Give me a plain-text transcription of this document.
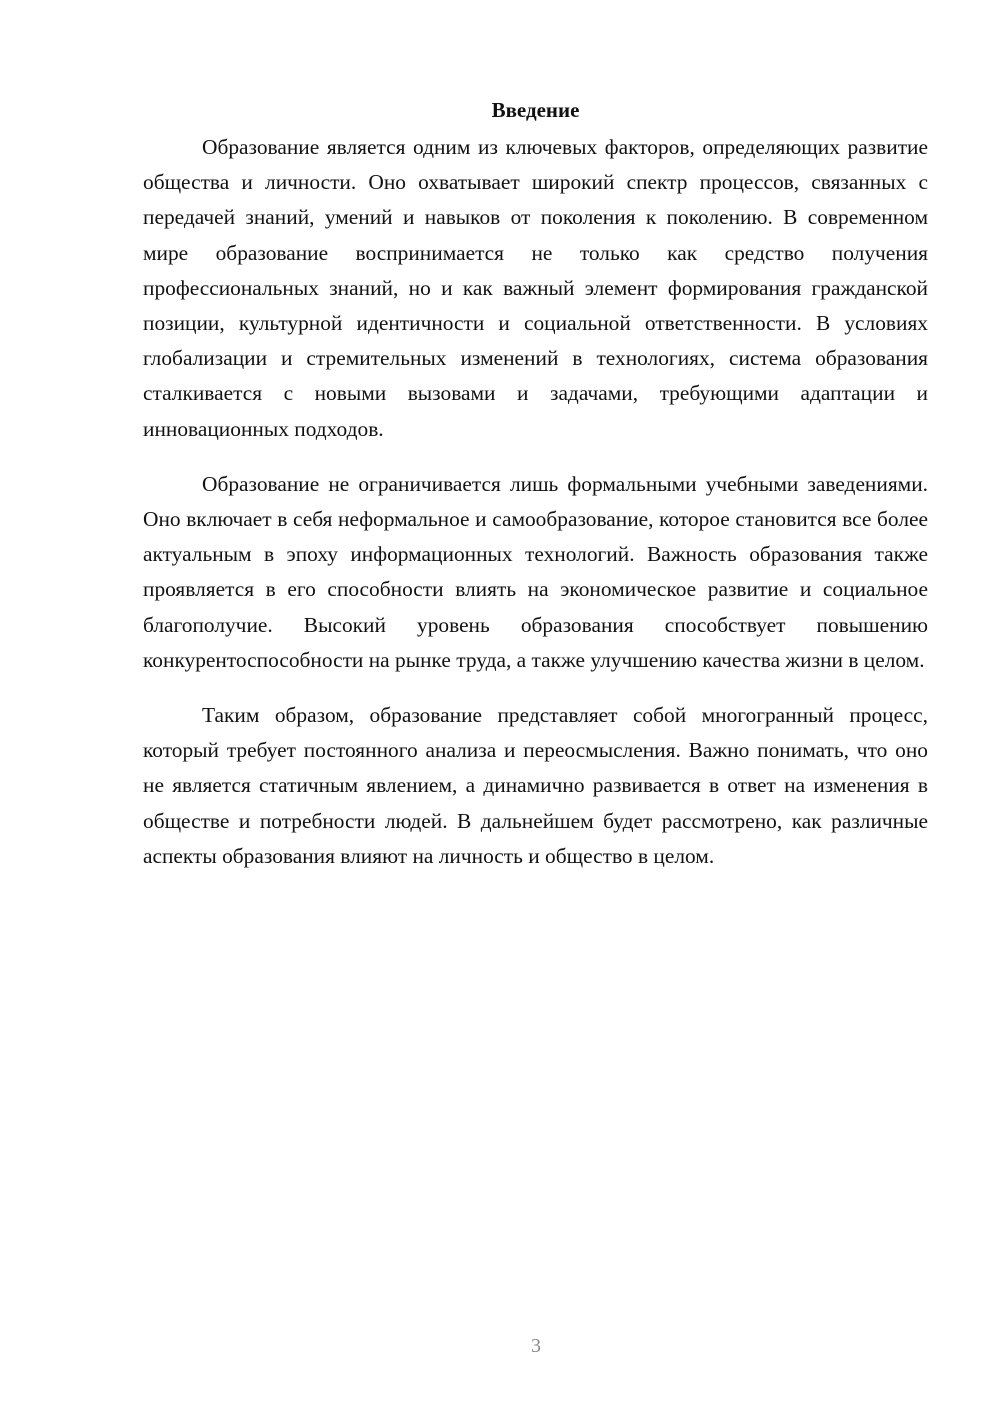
Введение

Образование является одним из ключевых факторов, определяющих развитие общества и личности. Оно охватывает широкий спектр процессов, связанных с передачей знаний, умений и навыков от поколения к поколению. В современном мире образование воспринимается не только как средство получения профессиональных знаний, но и как важный элемент формирования гражданской позиции, культурной идентичности и социальной ответственности. В условиях глобализации и стремительных изменений в технологиях, система образования сталкивается с новыми вызовами и задачами, требующими адаптации и инновационных подходов.

Образование не ограничивается лишь формальными учебными заведениями. Оно включает в себя неформальное и самообразование, которое становится все более актуальным в эпоху информационных технологий. Важность образования также проявляется в его способности влиять на экономическое развитие и социальное благополучие. Высокий уровень образования способствует повышению конкурентоспособности на рынке труда, а также улучшению качества жизни в целом.

Таким образом, образование представляет собой многогранный процесс, который требует постоянного анализа и переосмысления. Важно понимать, что оно не является статичным явлением, а динамично развивается в ответ на изменения в обществе и потребности людей. В дальнейшем будет рассмотрено, как различные аспекты образования влияют на личность и общество в целом.

3
